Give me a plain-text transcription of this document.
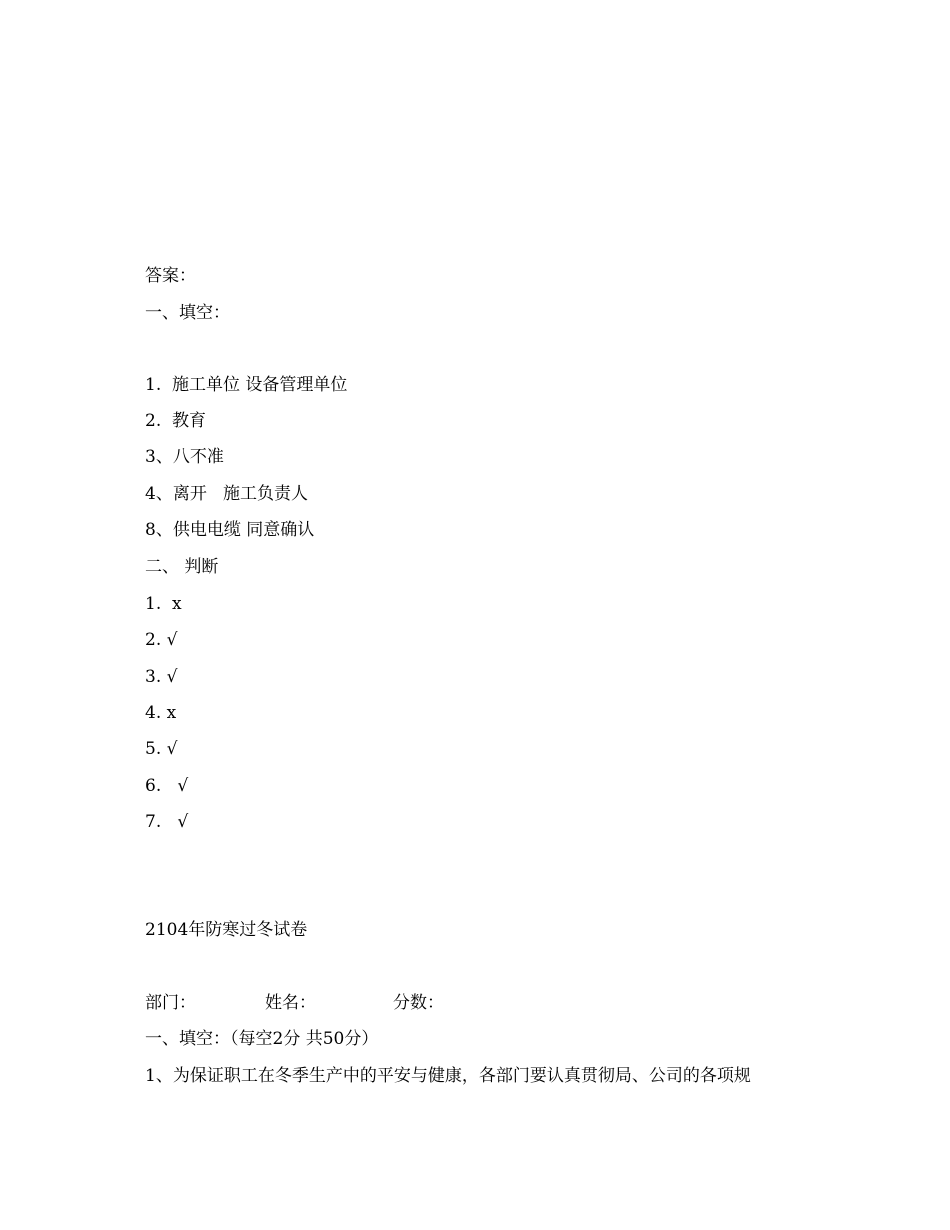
答案：
一、填空：
1.  施工单位 设备管理单位
2.  教育
3、八不准
4、离开   施工负责人
8、供电电缆 同意确认
二、 判断
1.  x
2. √
3. √
4. x
5. √
6.   √
7.   √
2104年防寒过冬试卷
部门：	姓名：	分数：
一、填空：（每空2分 共50分）
1、为保证职工在冬季生产中的平安与健康，各部门要认真贯彻局、公司的各项规
